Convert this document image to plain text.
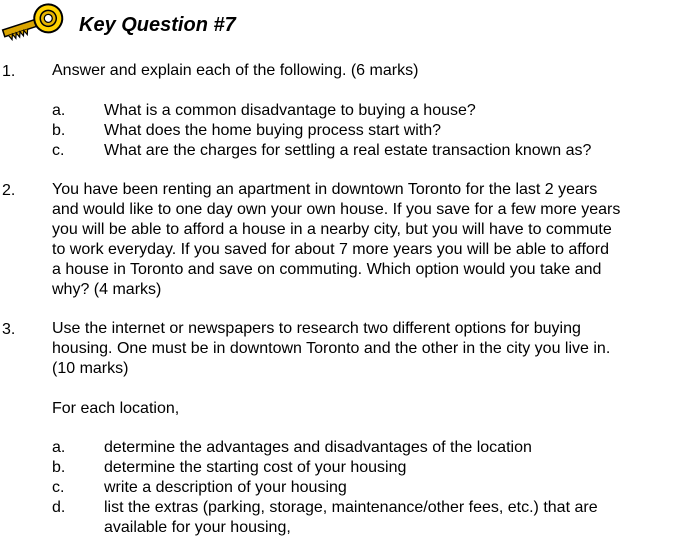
Key Question #7
1. Answer and explain each of the following. (6 marks)
a. What is a common disadvantage to buying a house?
b. What does the home buying process start with?
c. What are the charges for settling a real estate transaction known as?
2. You have been renting an apartment in downtown Toronto for the last 2 years
and would like to one day own your own house. If you save for a few more years
you will be able to afford a house in a nearby city, but you will have to commute
to work everyday. If you saved for about 7 more years you will be able to afford
a house in Toronto and save on commuting. Which option would you take and
why? (4 marks)
3. Use the internet or newspapers to research two different options for buying
housing. One must be in downtown Toronto and the other in the city you live in.
(10 marks)
For each location,
a. determine the advantages and disadvantages of the location
b. determine the starting cost of your housing
c. write a description of your housing
d. list the extras (parking, storage, maintenance/other fees, etc.) that are
available for your housing,
